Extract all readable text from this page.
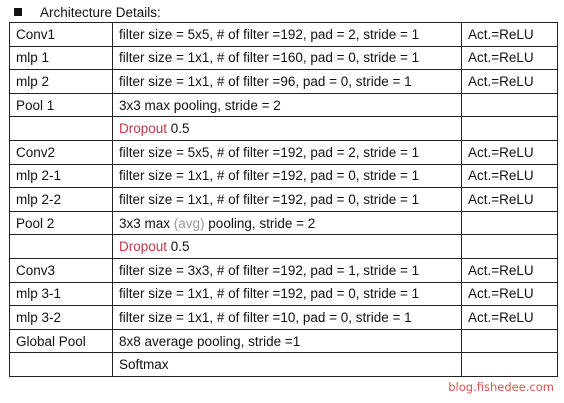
Architecture Details:
Conv1	filter size = 5x5, # of filter =192, pad = 2, stride = 1	Act.=ReLU
mlp 1	filter size = 1x1, # of filter =160, pad = 0, stride = 1	Act.=ReLU
mlp 2	filter size = 1x1, # of filter =96, pad = 0, stride = 1	Act.=ReLU
Pool 1	3x3 max pooling, stride = 2	
	Dropout 0.5	
Conv2	filter size = 5x5, # of filter =192, pad = 2, stride = 1	Act.=ReLU
mlp 2-1	filter size = 1x1, # of filter =192, pad = 0, stride = 1	Act.=ReLU
mlp 2-2	filter size = 1x1, # of filter =192, pad = 0, stride = 1	Act.=ReLU
Pool 2	3x3 max (avg) pooling, stride = 2	
	Dropout 0.5	
Conv3	filter size = 3x3, # of filter =192, pad = 1, stride = 1	Act.=ReLU
mlp 3-1	filter size = 1x1, # of filter =192, pad = 0, stride = 1	Act.=ReLU
mlp 3-2	filter size = 1x1, # of filter =10, pad = 0, stride = 1	Act.=ReLU
Global Pool	8x8 average pooling, stride =1	
	Softmax	
blog.fishedee.com
